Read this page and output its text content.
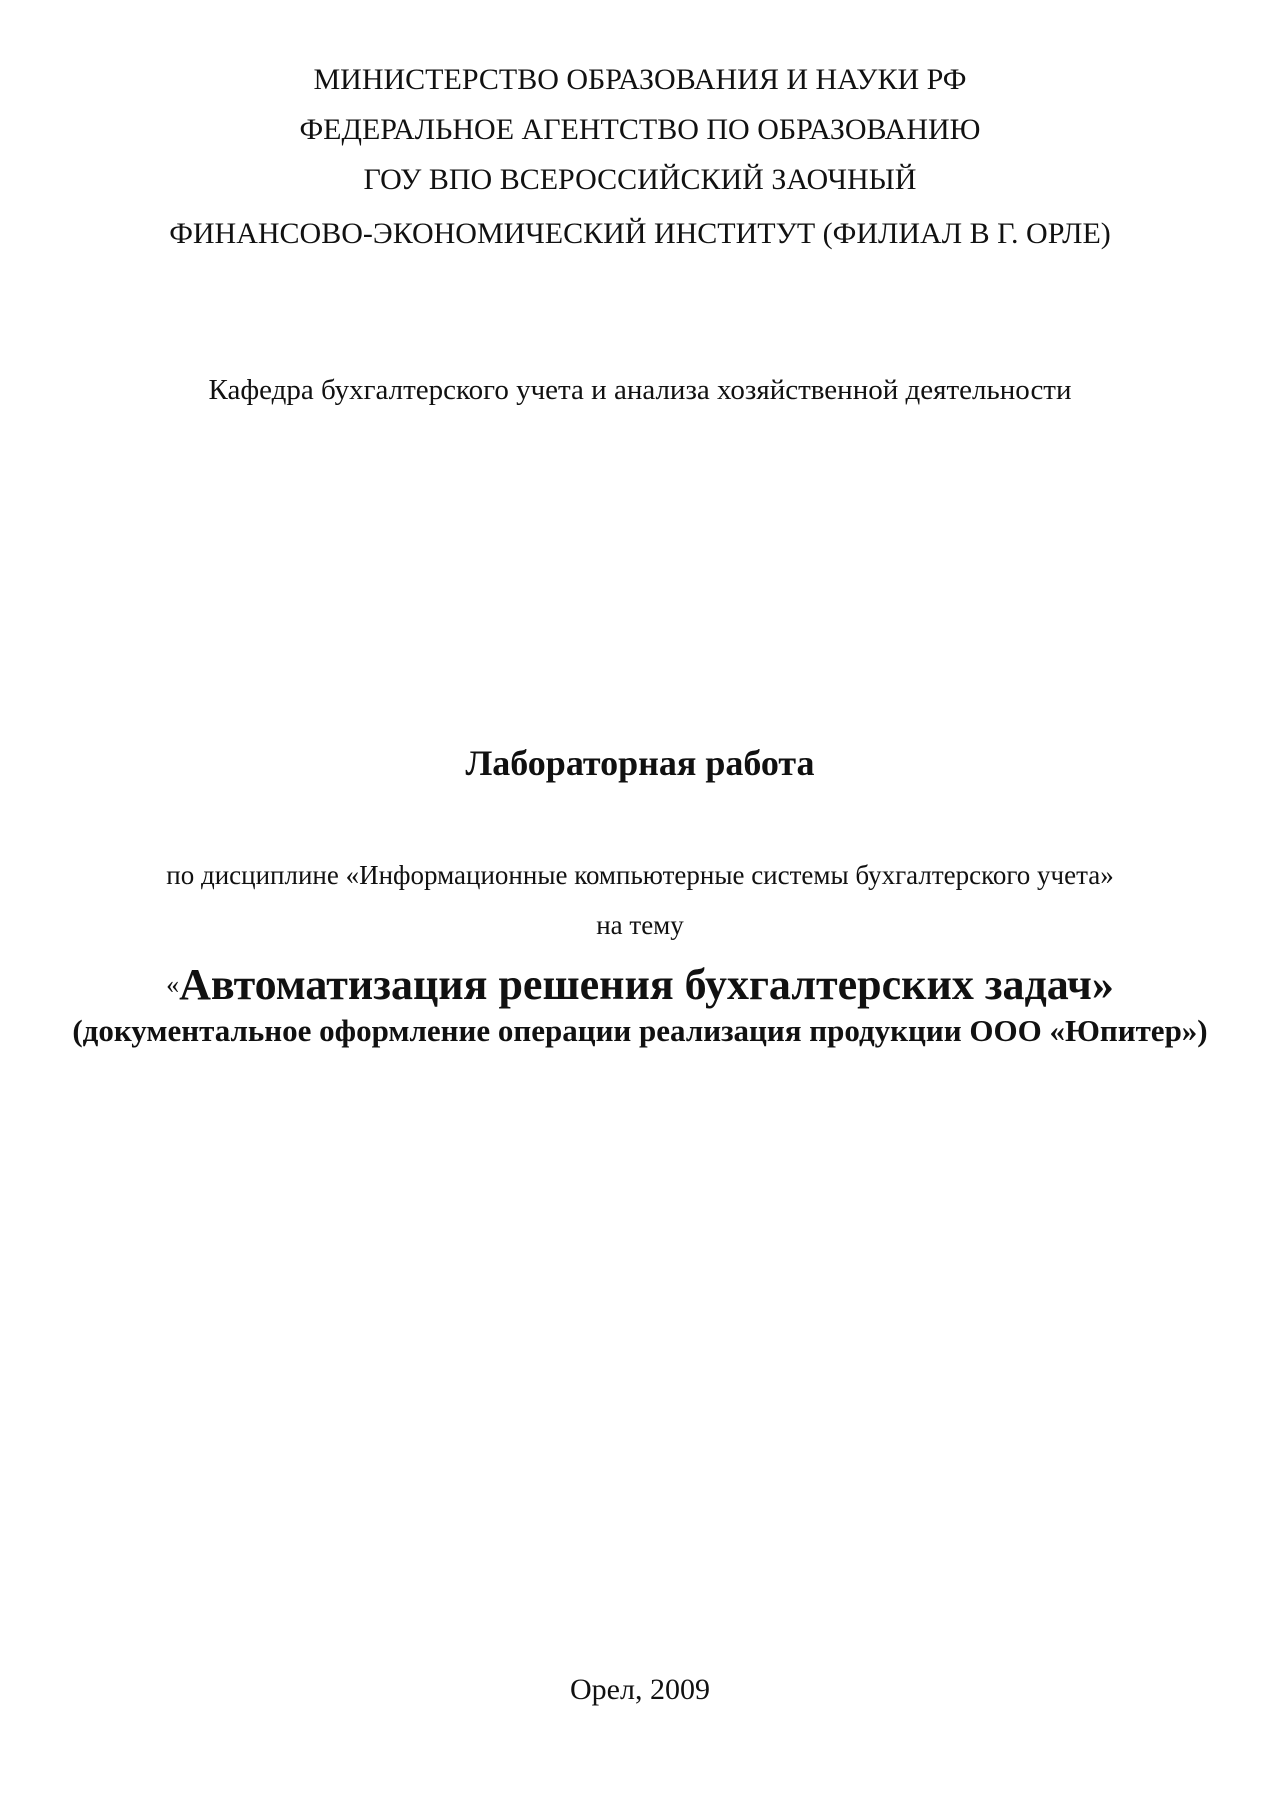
МИНИСТЕРСТВО ОБРАЗОВАНИЯ И НАУКИ РФ
ФЕДЕРАЛЬНОЕ АГЕНТСТВО ПО ОБРАЗОВАНИЮ
ГОУ ВПО ВСЕРОССИЙСКИЙ ЗАОЧНЫЙ
ФИНАНСОВО-ЭКОНОМИЧЕСКИЙ ИНСТИТУТ (ФИЛИАЛ В Г. ОРЛЕ)
Кафедра бухгалтерского учета и анализа хозяйственной деятельности
Лабораторная работа
по дисциплине «Информационные компьютерные системы бухгалтерского учета»
на тему
«Автоматизация решения бухгалтерских задач»
(документальное оформление операции реализация продукции ООО «Юпитер»)
Орел, 2009
